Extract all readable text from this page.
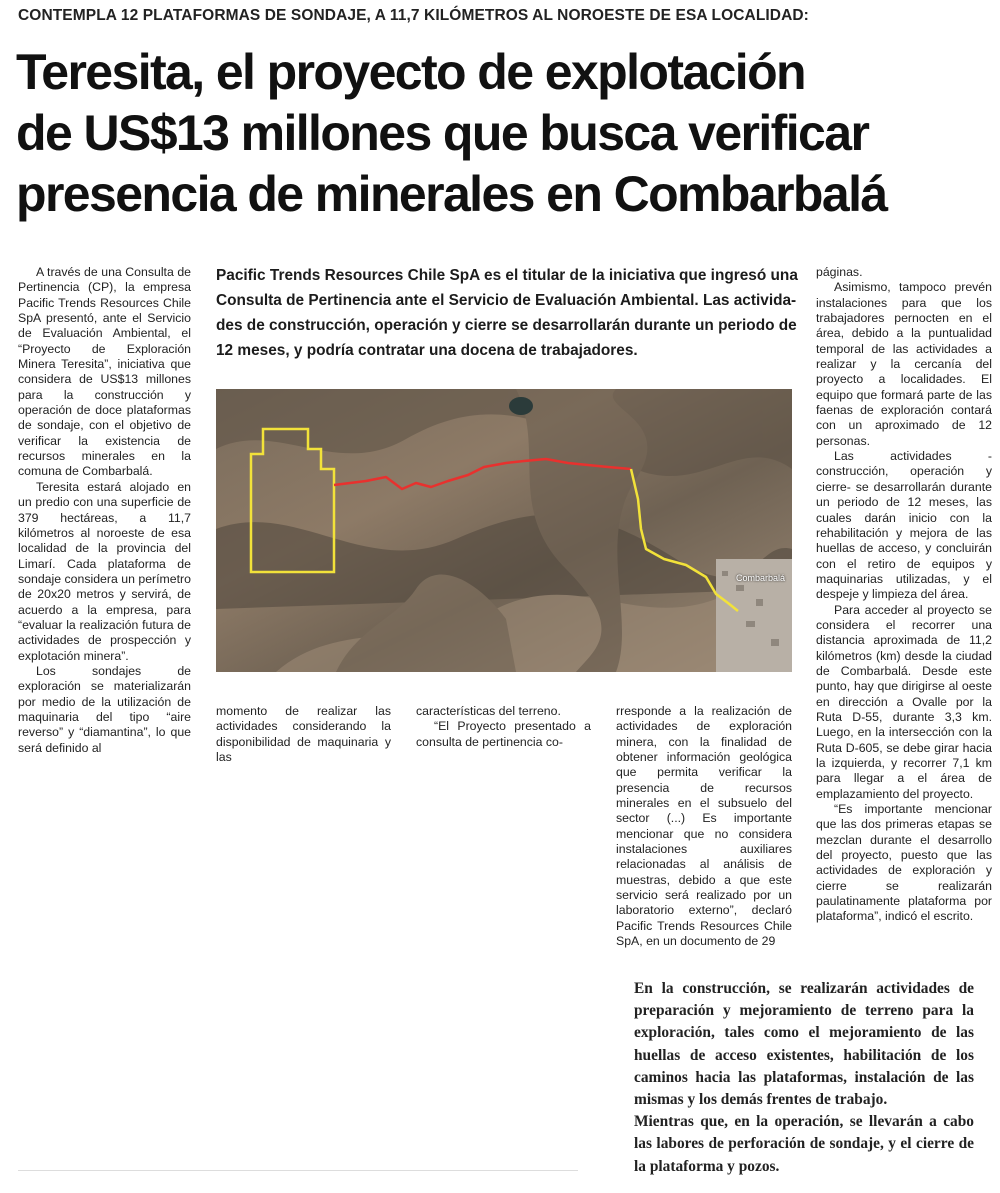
CONTEMPLA 12 PLATAFORMAS DE SONDAJE, A 11,7 KILÓMETROS AL NOROESTE DE ESA LOCALIDAD:
Teresita, el proyecto de explotación
de US$13 millones que busca verificar
presencia de minerales en Combarbalá

A través de una Consulta de Pertinencia (CP), la empresa Pacific Trends Resources Chile SpA presentó, ante el Servicio de Evaluación Ambiental, el “Proyecto de Exploración Minera Teresita”, iniciativa que considera de US$13 millones para la construcción y operación de doce plataformas de sondaje, con el objetivo de verificar la existencia de recursos minerales en la comuna de Combarbalá.

Teresita estará alojado en un predio con una superficie de 379 hectáreas, a 11,7 kilómetros al noroeste de esa localidad de la provincia del Limarí. Cada plataforma de sondaje considera un perímetro de 20x20 metros y servirá, de acuerdo a la empresa, para “evaluar la realización futura de actividades de prospección y explotación minera”.

Los sondajes de exploración se materializarán por medio de la utilización de maquinaria del tipo “aire reverso” y “diamantina”, lo que será definido al

Pacific Trends Resources Chile SpA es el titular de la iniciativa que ingresó una
Consulta de Pertinencia ante el Servicio de Evaluación Ambiental. Las activida-
des de construcción, operación y cierre se desarrollarán durante un periodo de
12 meses, y podría contratar una docena de trabajadores.
Combarbalá

momento de realizar las actividades considerando la disponibilidad de maquinaria y las

características del terreno.

“El Proyecto presentado a consulta de pertinencia co-

rresponde a la realización de actividades de exploración minera, con la finalidad de obtener información geológica que permita verificar la presencia de recursos minerales en el subsuelo del sector (...) Es importante mencionar que no considera instalaciones auxiliares relacionadas al análisis de muestras, debido a que este servicio será realizado por un laboratorio externo”, declaró Pacific Trends Resources Chile SpA, en un documento de 29

páginas.

Asimismo, tampoco prevén instalaciones para que los trabajadores pernocten en el área, debido a la puntualidad temporal de las actividades a realizar y la cercanía del proyecto a localidades. El equipo que formará parte de las faenas de exploración contará con un aproximado de 12 personas.

Las actividades -construcción, operación y cierre- se desarrollarán durante un periodo de 12 meses, las cuales darán inicio con la rehabilitación y mejora de las huellas de acceso, y concluirán con el retiro de equipos y maquinarias utilizadas, y el despeje y limpieza del área.

Para acceder al proyecto se considera el recorrer una distancia aproximada de 11,2 kilómetros (km) desde la ciudad de Combarbalá. Desde este punto, hay que dirigirse al oeste en dirección a Ovalle por la Ruta D-55, durante 3,3 km. Luego, en la intersección con la Ruta D-605, se debe girar hacia la izquierda, y recorrer 7,1 km para llegar a el área de emplazamiento del proyecto.

“Es importante mencionar que las dos primeras etapas se mezclan durante el desarrollo del proyecto, puesto que las actividades de exploración y cierre se realizarán paulatinamente plataforma por plataforma”, indicó el escrito.

En la construcción, se realizarán actividades de preparación y mejoramiento de terreno para la exploración, tales como el mejoramiento de las huellas de acceso existentes, habilitación de los caminos hacia las plataformas, instalación de las mismas y los demás frentes de trabajo.

Mientras que, en la operación, se llevarán a cabo las labores de perforación de sondaje, y el cierre de la plataforma y pozos.
